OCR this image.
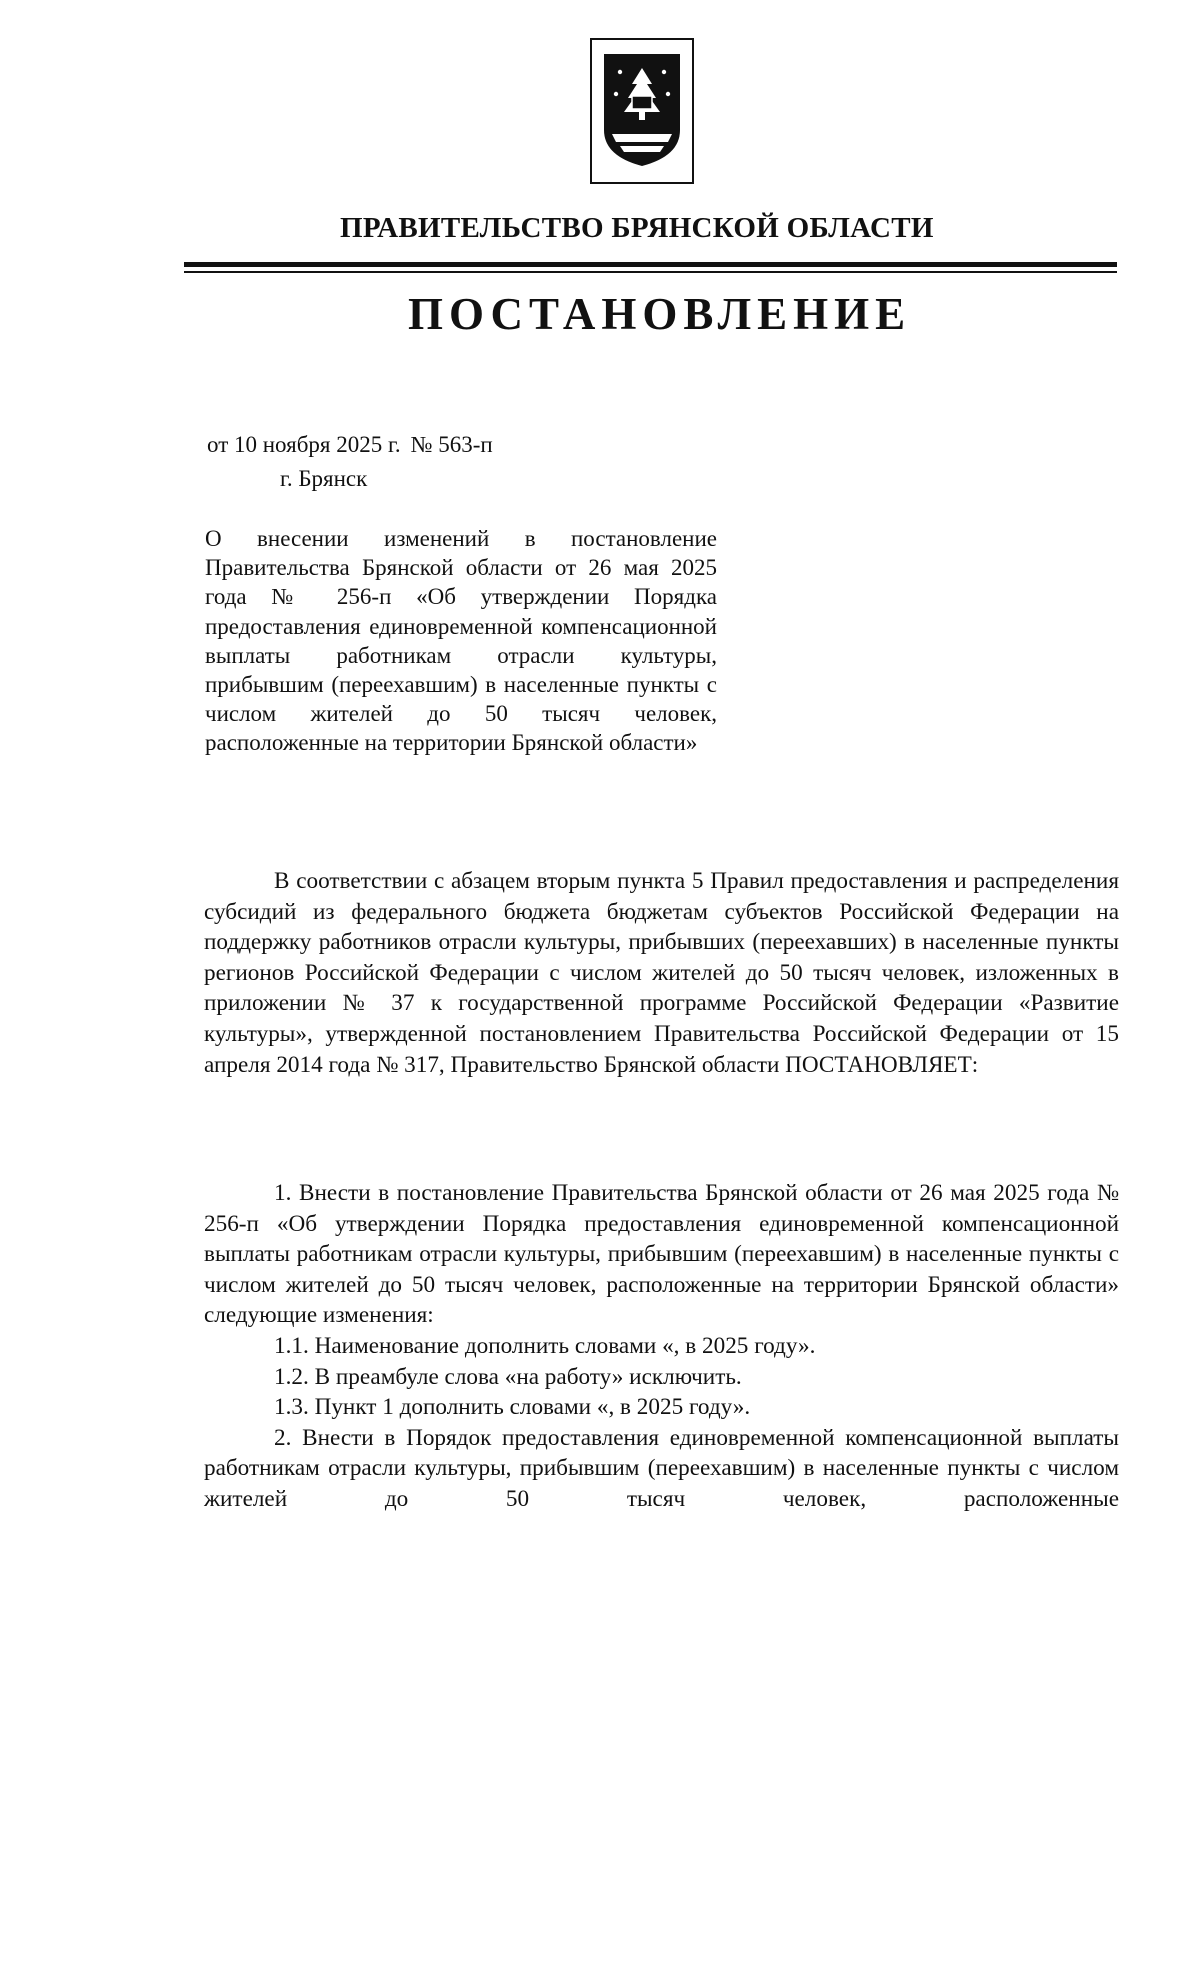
ПРАВИТЕЛЬСТВО БРЯНСКОЙ ОБЛАСТИ
ПОСТАНОВЛЕНИЕ
от 10 ноября 2025 г. № 563-п
г. Брянск
О внесении изменений в постановление Правительства Брянской области от 26 мая 2025 года № 256-п «Об утверждении Порядка предоставления единовременной компенсационной выплаты работникам отрасли культуры, прибывшим (переехавшим) в населенные пункты с числом жителей до 50 тысяч человек, расположенные на территории Брянской области»
В соответствии с абзацем вторым пункта 5 Правил предоставления и распределения субсидий из федерального бюджета бюджетам субъектов Российской Федерации на поддержку работников отрасли культуры, прибывших (переехавших) в населенные пункты регионов Российской Федерации с числом жителей до 50 тысяч человек, изложенных в приложении № 37 к государственной программе Российской Федерации «Развитие культуры», утвержденной постановлением Правительства Российской Федерации от 15 апреля 2014 года № 317, Правительство Брянской области ПОСТАНОВЛЯЕТ:

1. Внести в постановление Правительства Брянской области от 26 мая 2025 года № 256-п «Об утверждении Порядка предоставления единовременной компенсационной выплаты работникам отрасли культуры, прибывшим (переехавшим) в населенные пункты с числом жителей до 50 тысяч человек, расположенные на территории Брянской области» следующие изменения:

1.1. Наименование дополнить словами «, в 2025 году».

1.2. В преамбуле слова «на работу» исключить.

1.3. Пункт 1 дополнить словами «, в 2025 году».

2. Внести в Порядок предоставления единовременной компенсационной выплаты работникам отрасли культуры, прибывшим (переехавшим) в населенные пункты с числом жителей до 50 тысяч человек, расположенные
